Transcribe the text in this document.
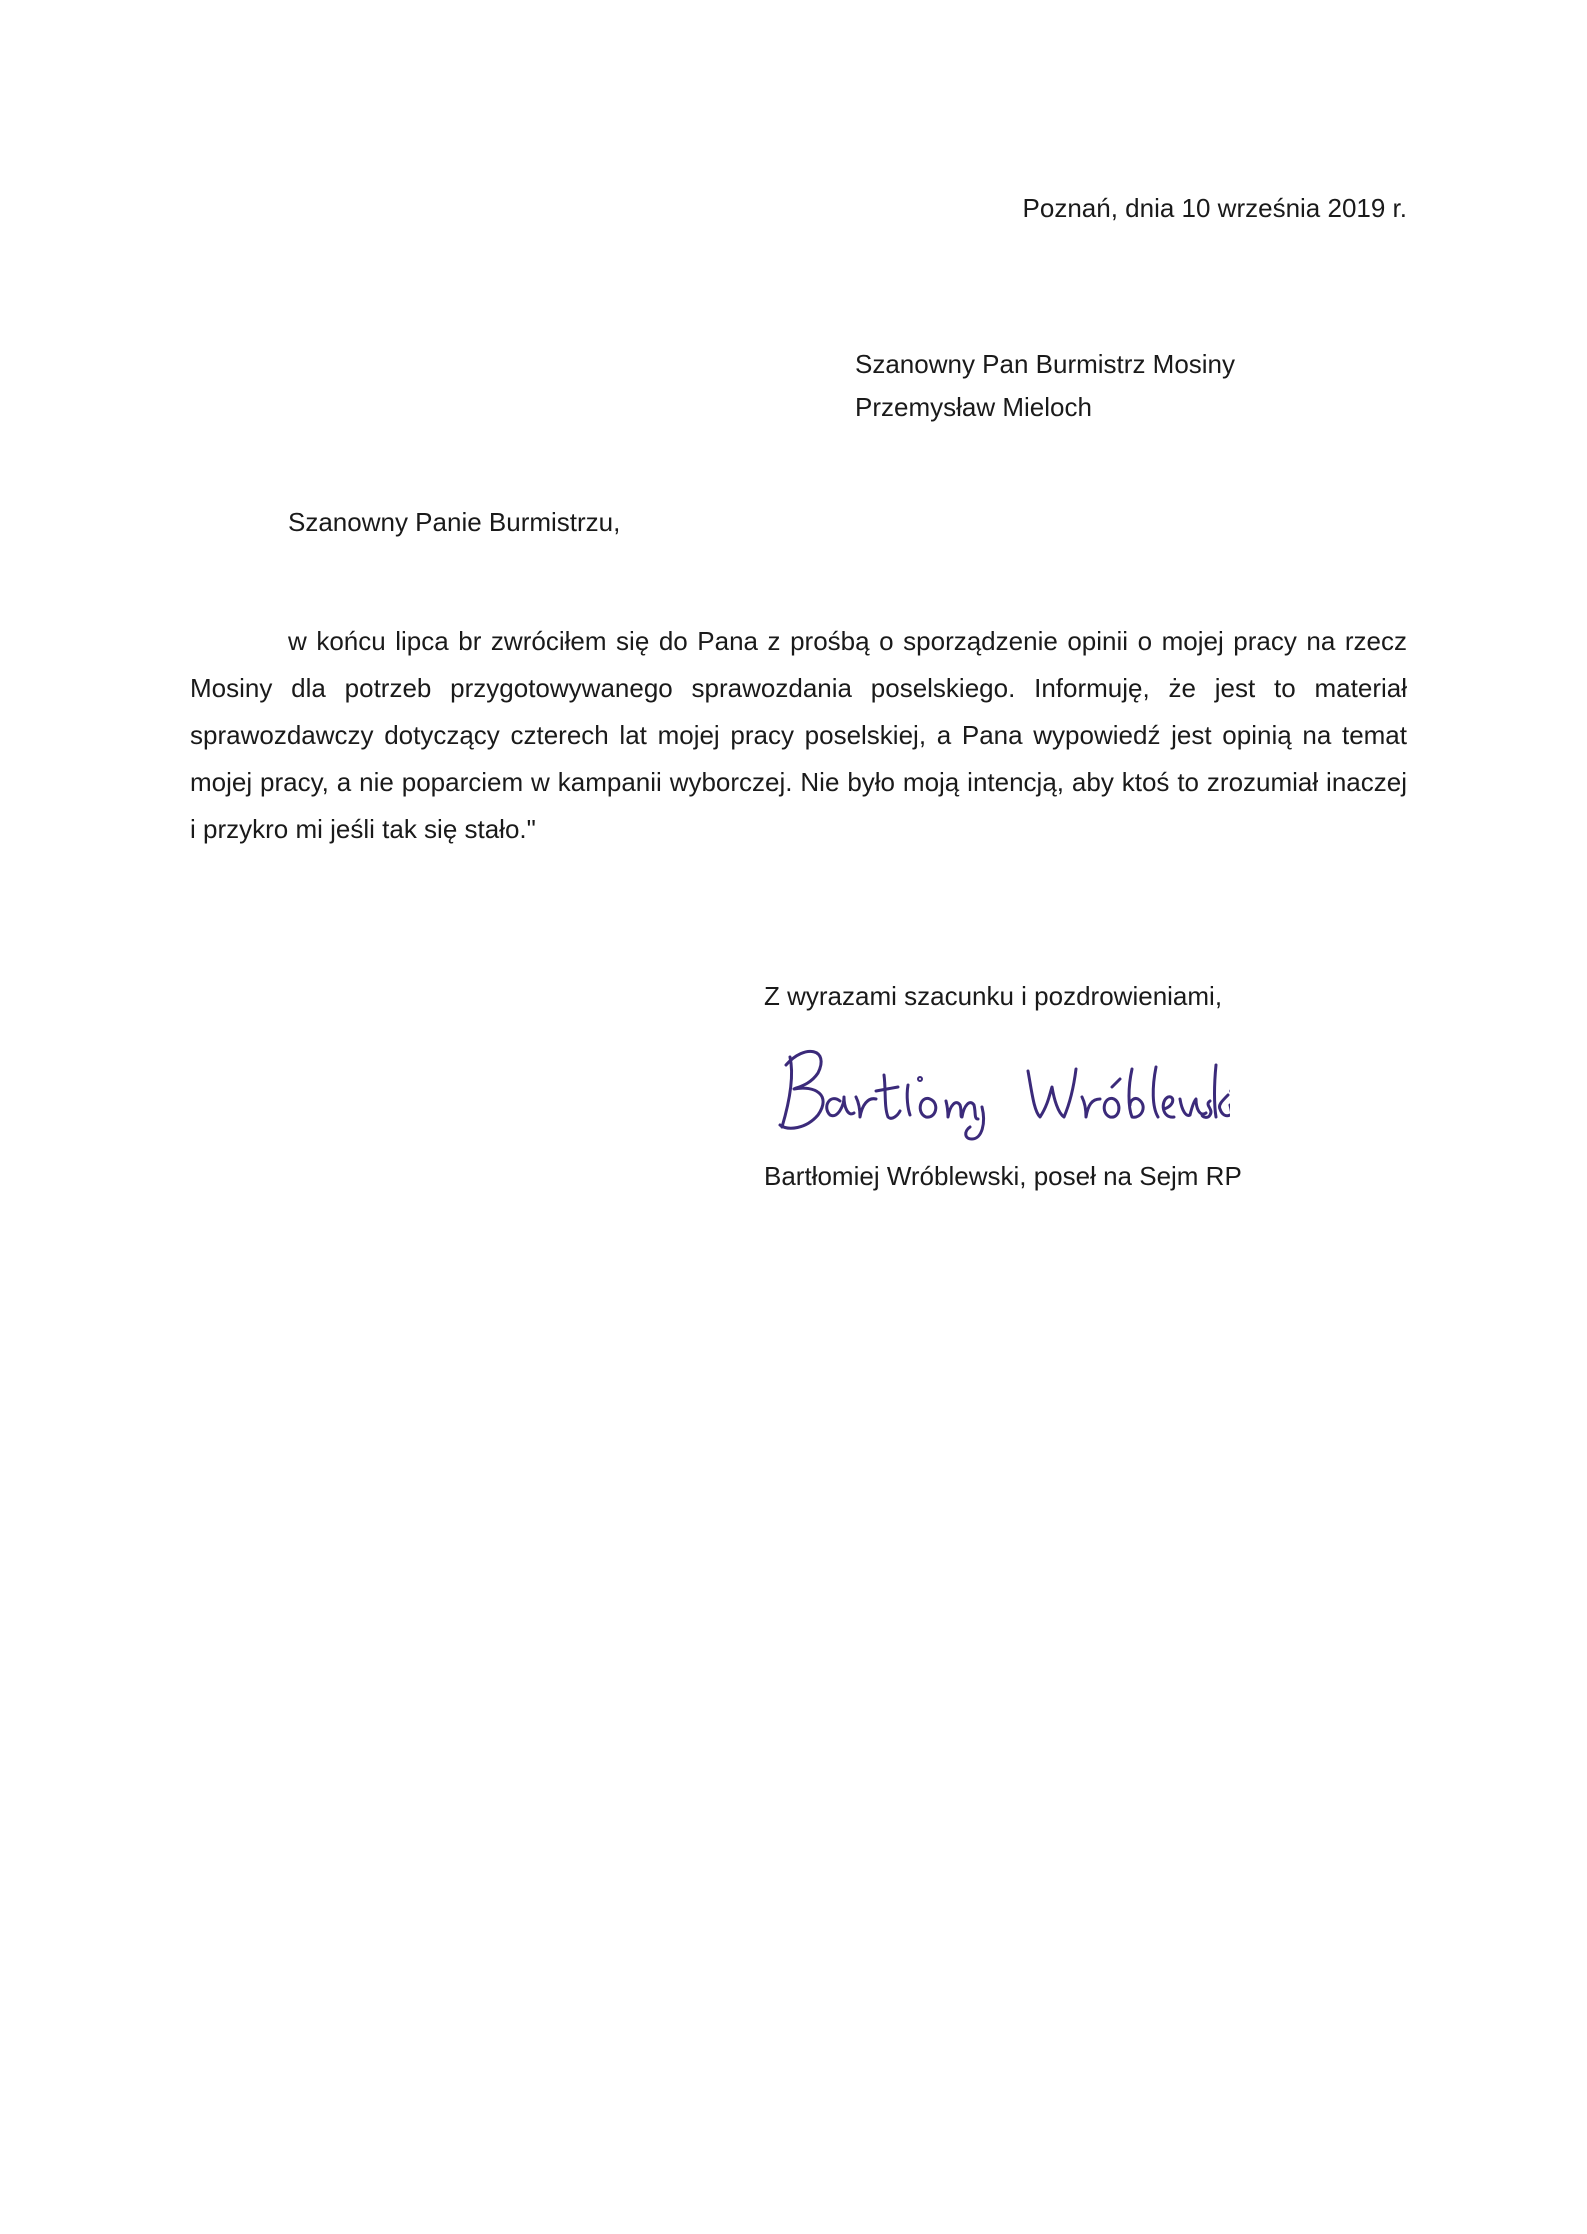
Poznań, dnia 10 września 2019 r.
Szanowny Pan Burmistrz Mosiny
Przemysław Mieloch
Szanowny Panie Burmistrzu,

w końcu lipca br zwróciłem się do Pana z prośbą o sporządzenie opinii o mojej pracy na rzecz Mosiny dla potrzeb przygotowywanego sprawozdania poselskiego. Informuję, że jest to materiał sprawozdawczy dotyczący czterech lat mojej pracy poselskiej, a Pana wypowiedź jest opinią na temat mojej pracy, a nie poparciem w kampanii wyborczej. Nie było moją intencją, aby ktoś to zrozumiał inaczej i przykro mi jeśli tak się stało."

Z wyrazami szacunku i pozdrowieniami,
Bartłomiej Wróblewski, poseł na Sejm RP
